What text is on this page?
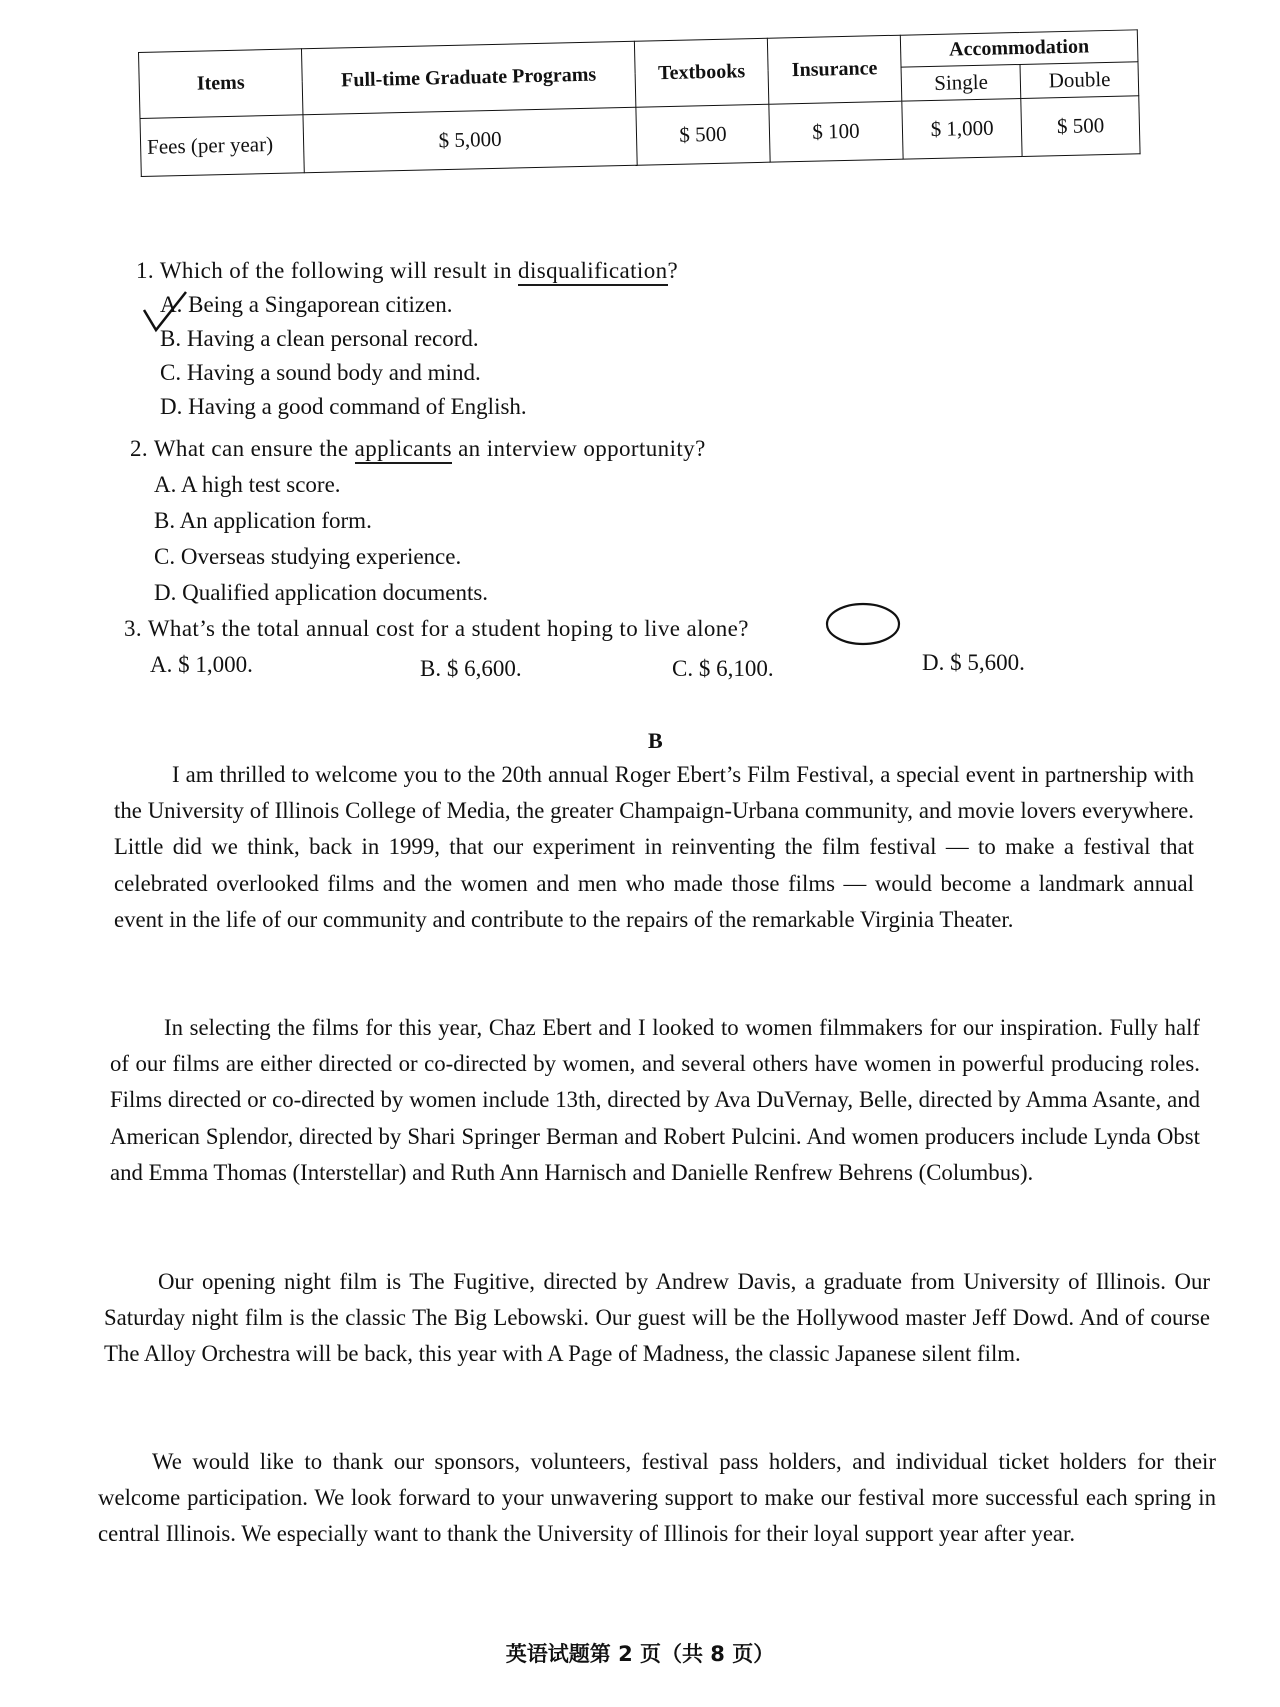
Items	Full-time Graduate Programs	Textbooks	Insurance	Accommodation	
				Single	Double
Fees (per year)	$ 5,000	$ 500	$ 100	$ 1,000	$ 500
1. Which of the following will result in disqualification?
A. Being a Singaporean citizen.
B. Having a clean personal record.
C. Having a sound body and mind.
D. Having a good command of English.
2. What can ensure the applicants an interview opportunity?
A. A high test score.
B. An application form.
C. Overseas studying experience.
D. Qualified application documents.
3. What’s the total annual cost for a student hoping to live alone?
A. $ 1,000.	B. $ 6,600.	C. $ 6,100.	D. $ 5,600.
B
I am thrilled to welcome you to the 20th annual Roger Ebert’s Film Festival, a special event in partnership with the University of Illinois College of Media, the greater Champaign-Urbana community, and movie lovers everywhere. Little did we think, back in 1999, that our experiment in reinventing the film festival — to make a festival that celebrated overlooked films and the women and men who made those films — would become a landmark annual event in the life of our community and contribute to the repairs of the remarkable Virginia Theater.
In selecting the films for this year, Chaz Ebert and I looked to women filmmakers for our inspiration. Fully half of our films are either directed or co-directed by women, and several others have women in powerful producing roles. Films directed or co-directed by women include 13th, directed by Ava DuVernay, Belle, directed by Amma Asante, and American Splendor, directed by Shari Springer Berman and Robert Pulcini. And women producers include Lynda Obst and Emma Thomas (Interstellar) and Ruth Ann Harnisch and Danielle Renfrew Behrens (Columbus).
Our opening night film is The Fugitive, directed by Andrew Davis, a graduate from University of Illinois. Our Saturday night film is the classic The Big Lebowski. Our guest will be the Hollywood master Jeff Dowd. And of course The Alloy Orchestra will be back, this year with A Page of Madness, the classic Japanese silent film.
We would like to thank our sponsors, volunteers, festival pass holders, and individual ticket holders for their welcome participation. We look forward to your unwavering support to make our festival more successful each spring in central Illinois. We especially want to thank the University of Illinois for their loyal support year after year.
英语试题第 2 页（共 8 页）
